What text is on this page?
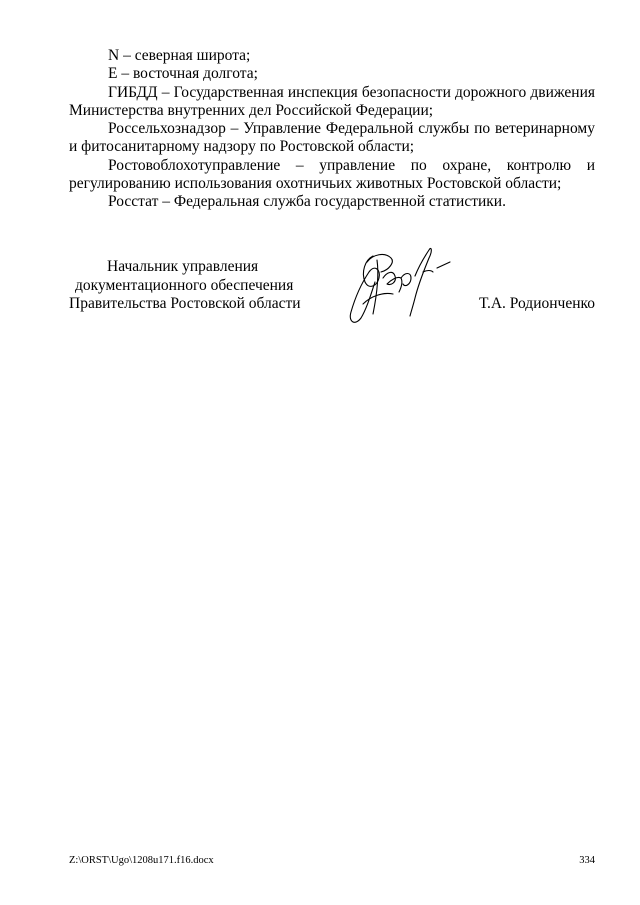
N – северная широта;

E – восточная долгота;

ГИБДД – Государственная инспекция безопасности дорожного движения Министерства внутренних дел Российской Федерации;

Россельхознадзор – Управление Федеральной службы по ветеринарному и фитосанитарному надзору по Ростовской области;

Ростовоблохотуправление – управление по охране, контролю и регулированию использования охотничьих животных Ростовской области;

Росстат – Федеральная служба государственной статистики.

Начальник управления
документационного обеспечения
Правительства Ростовской области	Т.А. Родионченко
Z:\ORST\Ugo\1208u171.f16.docx	334
